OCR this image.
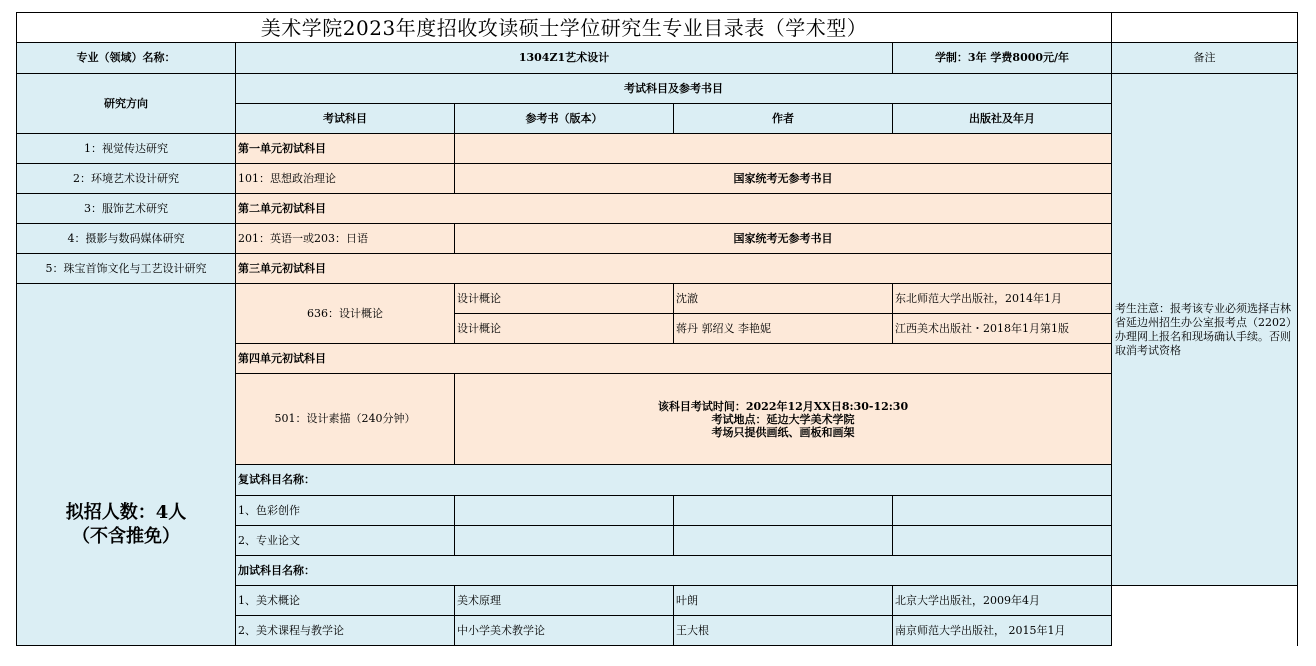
美术学院2023年度招收攻读硕士学位研究生专业目录表（学术型）						
专业（领域）名称：	1304Z1艺术设计			学制：3年 学费8000元/年	备注	
研究方向	考试科目及参考书目				考生注意：报考该专业必须选择吉林省延边州招生办公室报考点（2202）办理网上报名和现场确认手续。否则取消考试资格	
	考试科目	参考书（版本）	作者	出版社及年月		
1：视觉传达研究	第一单元初试科目					
2：环境艺术设计研究	101：思想政治理论	国家统考无参考书目				
3：服饰艺术研究	第二单元初试科目					
4：摄影与数码媒体研究	201：英语一或203：日语	国家统考无参考书目				
5：珠宝首饰文化与工艺设计研究	第三单元初试科目					

拟招人数：4人
（不含推免）	636：设计概论	设计概论	沈澈	东北师范大学出版社，2014年1月		
		设计概论	蒋丹 郭绍义 李艳妮	江西美术出版社・2018年1月第1版		
	第四单元初试科目					
	501：设计素描（240分钟）	该科目考试时间：2022年12月XX日8:30-12:30
考试地点：延边大学美术学院
考场只提供画纸、画板和画架				

	复试科目名称：					
	1、色彩创作					
	2、专业论文					
	加试科目名称：	
	1、美术概论	美术原理	叶朗	北京大学出版社，2009年4月		
	2、美术课程与教学论	中小学美术教学论	王大根	南京师范大学出版社， 2015年1月		
